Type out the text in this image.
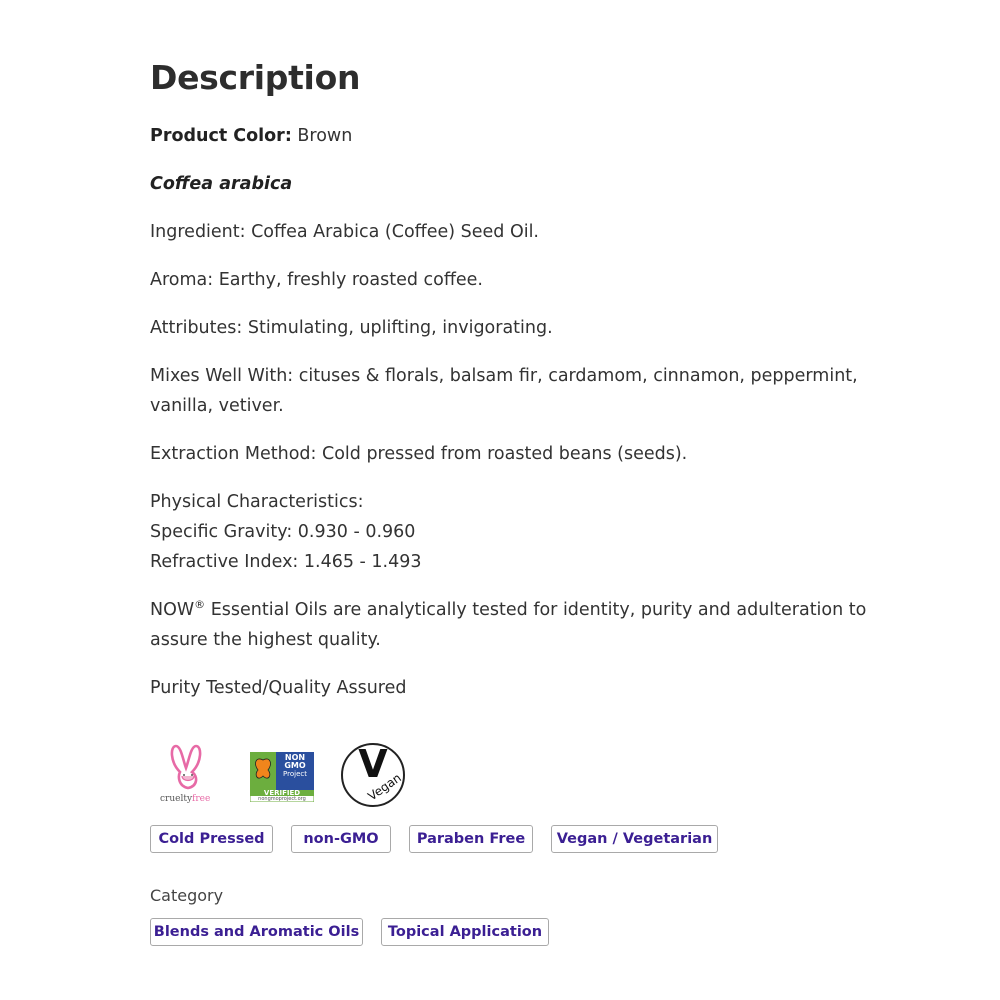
Description

Product Color: Brown

Coffea arabica

Ingredient: Coffea Arabica (Coffee) Seed Oil.

Aroma: Earthy, freshly roasted coffee.

Attributes: Stimulating, uplifting, invigorating.

Mixes Well With: cituses & florals, balsam fir, cardamom, cinnamon, peppermint,

vanilla, vetiver.

Extraction Method: Cold pressed from roasted beans (seeds).

Physical Characteristics:

Specific Gravity: 0.930 - 0.960

Refractive Index: 1.465 - 1.493

NOW® Essential Oils are analytically tested for identity, purity and adulteration to

assure the highest quality.

Purity Tested/Quality Assured

crueltyfree
NON
GMO
Project
VERIFIED
nongmoproject.org
V
Vegan
Cold Pressed	non-GMO	Paraben Free	Vegan / Vegetarian

Category

Blends and Aromatic Oils	Topical Application
